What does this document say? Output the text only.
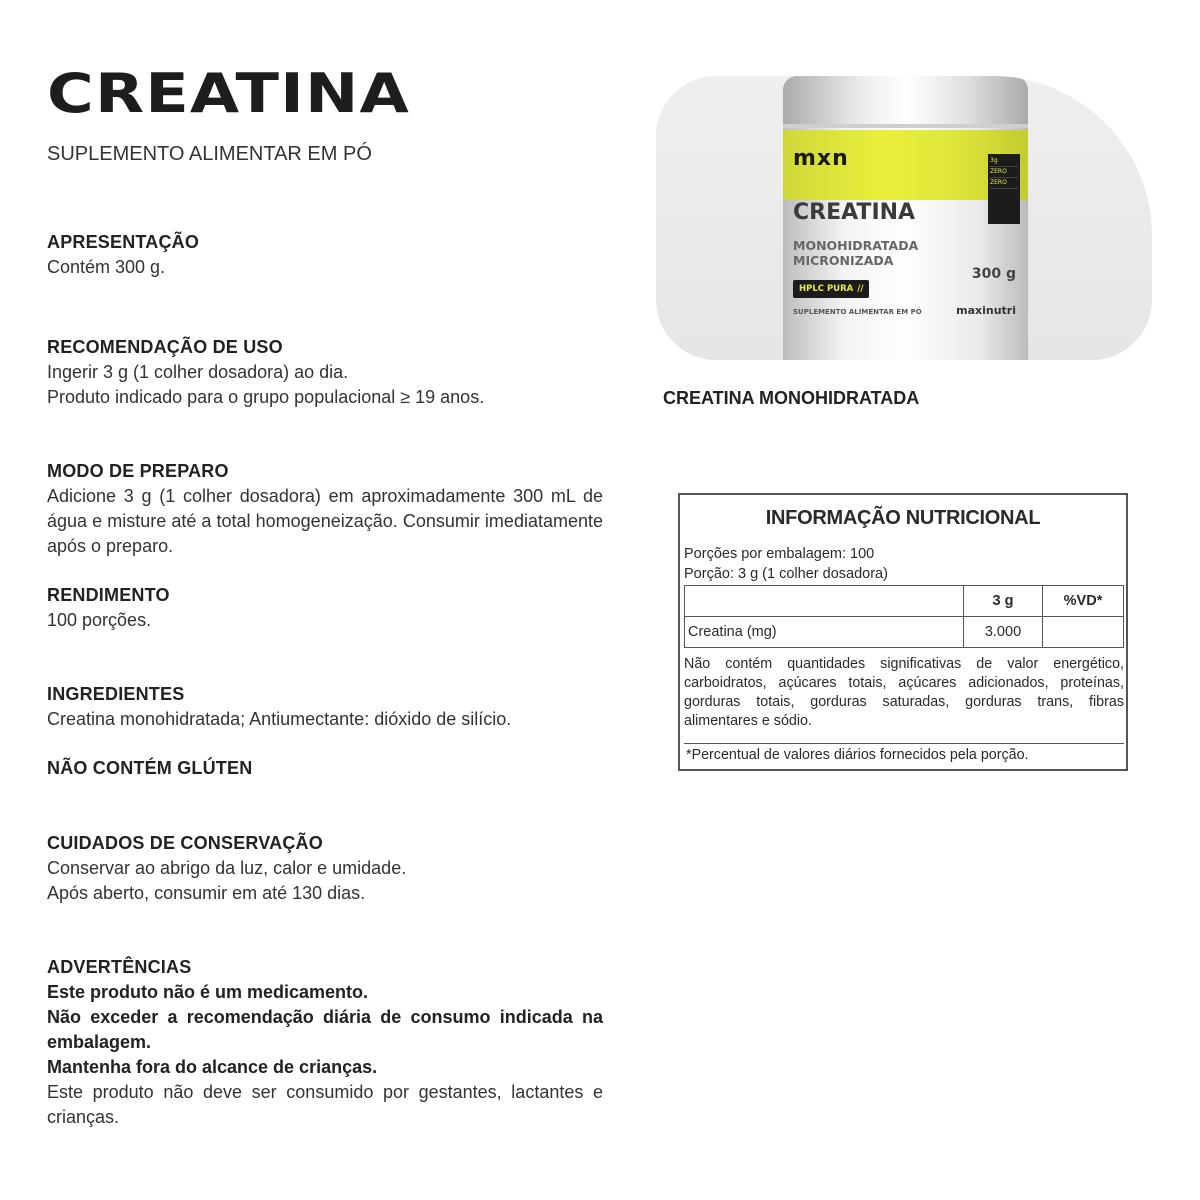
CREATINA

SUPLEMENTO ALIMENTAR EM PÓ

APRESENTAÇÃO

Contém 300 g.

RECOMENDAÇÃO DE USO

Ingerir 3 g (1 colher dosadora) ao dia.

Produto indicado para o grupo populacional ≥ 19 anos.

MODO DE PREPARO

Adicione 3 g (1 colher dosadora) em aproximadamente 300 mL de água e misture até a total homogeneização. Consumir imediatamente após o preparo.

RENDIMENTO

100 porções.

INGREDIENTES

Creatina monohidratada; Antiumectante: dióxido de silício.

NÃO CONTÉM GLÚTEN
CUIDADOS DE CONSERVAÇÃO

Conservar ao abrigo da luz, calor e umidade.

Após aberto, consumir em até 130 dias.

ADVERTÊNCIAS

Este produto não é um medicamento.

Não exceder a recomendação diária de consumo indicada na embalagem.

Mantenha fora do alcance de crianças.

Este produto não deve ser consumido por gestantes, lactantes e crianças.

mxn	3g
ZERO
ZERO
CREATINA
MONOHIDRATADA
MICRONIZADA
300 g
HPLC PURA //
SUPLEMENTO ALIMENTAR EM PÓ	maxinutri

CREATINA MONOHIDRATADA

INFORMAÇÃO NUTRICIONAL

Porções por embalagem: 100

Porção: 3 g (1 colher dosadora)

	3 g	%VD*
Creatina (mg)	3.000	

Não contém quantidades significativas de valor energético, carboidratos, açúcares totais, açúcares adicionados, proteínas, gorduras totais, gorduras saturadas, gorduras trans, fibras alimentares e sódio.

*Percentual de valores diários fornecidos pela porção.
